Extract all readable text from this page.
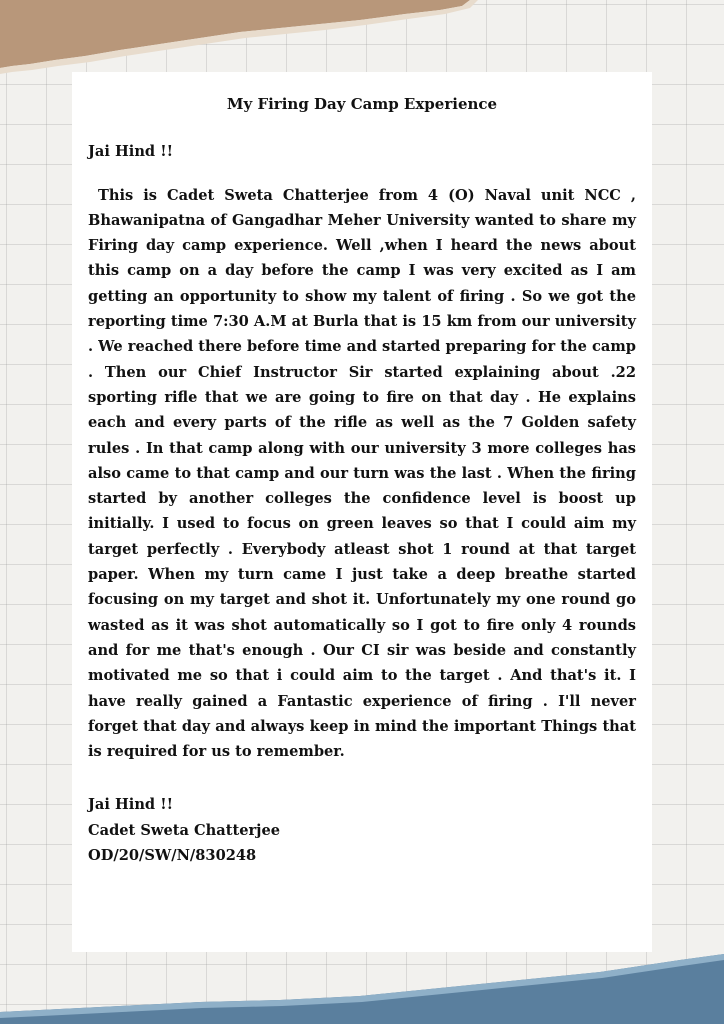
My Firing Day Camp Experience

Jai Hind !!

This is Cadet Sweta Chatterjee from 4 (O) Naval unit NCC , Bhawanipatna of Gangadhar Meher University wanted to share my Firing day camp experience. Well ,when I heard the news about this camp on a day before the camp I was very excited as I am getting an opportunity to show my talent of firing . So we got the reporting time 7:30 A.M at Burla that is 15 km from our university . We reached there before time and started preparing for the camp . Then our Chief Instructor Sir started explaining about .22 sporting rifle that we are going to fire on that day . He explains each and every parts of the rifle as well as the 7 Golden safety rules . In that camp along with our university 3 more colleges has also came to that camp and our turn was the last . When the firing started by another colleges the confidence level is boost up initially. I used to focus on green leaves so that I could aim my target perfectly . Everybody atleast shot 1 round at that target paper. When my turn came I just take a deep breathe started focusing on my target and shot it. Unfortunately my one round go wasted as it was shot automatically so I got to fire only 4 rounds and for me that's enough . Our CI sir was beside and constantly motivated me so that i could aim to the target . And that's it. I have really gained a Fantastic experience of firing . I'll never forget that day and always keep in mind the important Things that is required for us to remember.

Jai Hind !!

Cadet Sweta Chatterjee

OD/20/SW/N/830248
